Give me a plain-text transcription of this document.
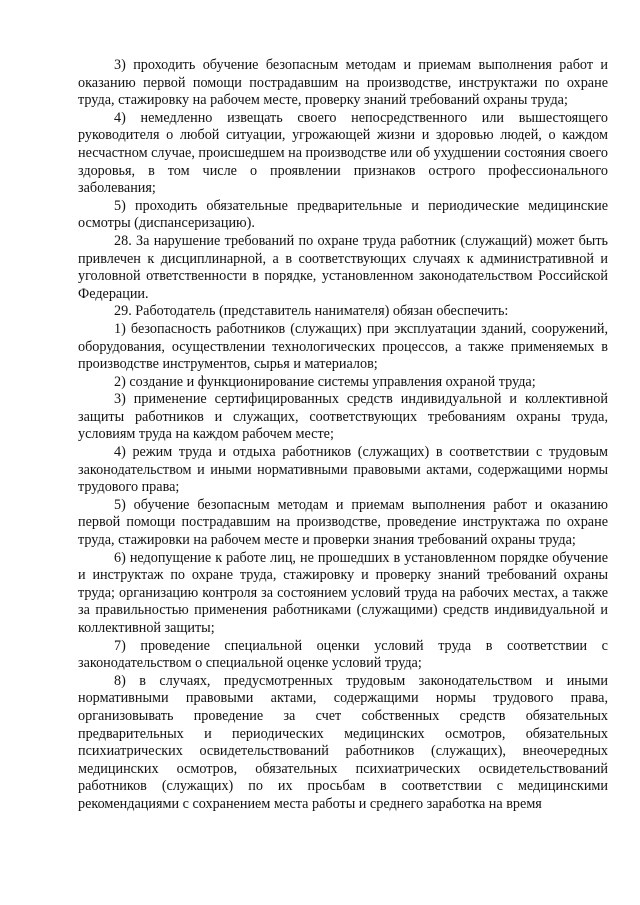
3) проходить обучение безопасным методам и приемам выполнения работ и оказанию первой помощи пострадавшим на производстве, инструктажи по охране труда, стажировку на рабочем месте, проверку знаний требований охраны труда;

4) немедленно извещать своего непосредственного или вышестоящего руководителя о любой ситуации, угрожающей жизни и здоровью людей, о каждом несчастном случае, происшедшем на производстве или об ухудшении состояния своего здоровья, в том числе о проявлении признаков острого профессионального заболевания;

5) проходить обязательные предварительные и периодические медицинские осмотры (диспансеризацию).

28. За нарушение требований по охране труда работник (служащий) может быть привлечен к дисциплинарной, а в соответствующих случаях к административной и уголовной ответственности в порядке, установленном законодательством Российской Федерации.

29. Работодатель (представитель нанимателя) обязан обеспечить:

1) безопасность работников (служащих) при эксплуатации зданий, сооружений, оборудования, осуществлении технологических процессов, а также применяемых в производстве инструментов, сырья и материалов;

2) создание и функционирование системы управления охраной труда;

3) применение сертифицированных средств индивидуальной и коллективной защиты работников и служащих, соответствующих требованиям охраны труда, условиям труда на каждом рабочем месте;

4) режим труда и отдыха работников (служащих) в соответствии с трудовым законодательством и иными нормативными правовыми актами, содержащими нормы трудового права;

5) обучение безопасным методам и приемам выполнения работ и оказанию первой помощи пострадавшим на производстве, проведение инструктажа по охране труда, стажировки на рабочем месте и проверки знания требований охраны труда;

6) недопущение к работе лиц, не прошедших в установленном порядке обучение и инструктаж по охране труда, стажировку и проверку знаний требований охраны труда; организацию контроля за состоянием условий труда на рабочих местах, а также за правильностью применения работниками (служащими) средств индивидуальной и коллективной защиты;

7) проведение специальной оценки условий труда в соответствии с законодательством о специальной оценке условий труда;

8) в случаях, предусмотренных трудовым законодательством и иными нормативными правовыми актами, содержащими нормы трудового права, организовывать проведение за счет собственных средств обязательных предварительных и периодических медицинских осмотров, обязательных психиатрических освидетельствований работников (служащих), внеочередных медицинских осмотров, обязательных психиатрических освидетельствований работников (служащих) по их просьбам в соответствии с медицинскими рекомендациями с сохранением места работы и среднего заработка на время
